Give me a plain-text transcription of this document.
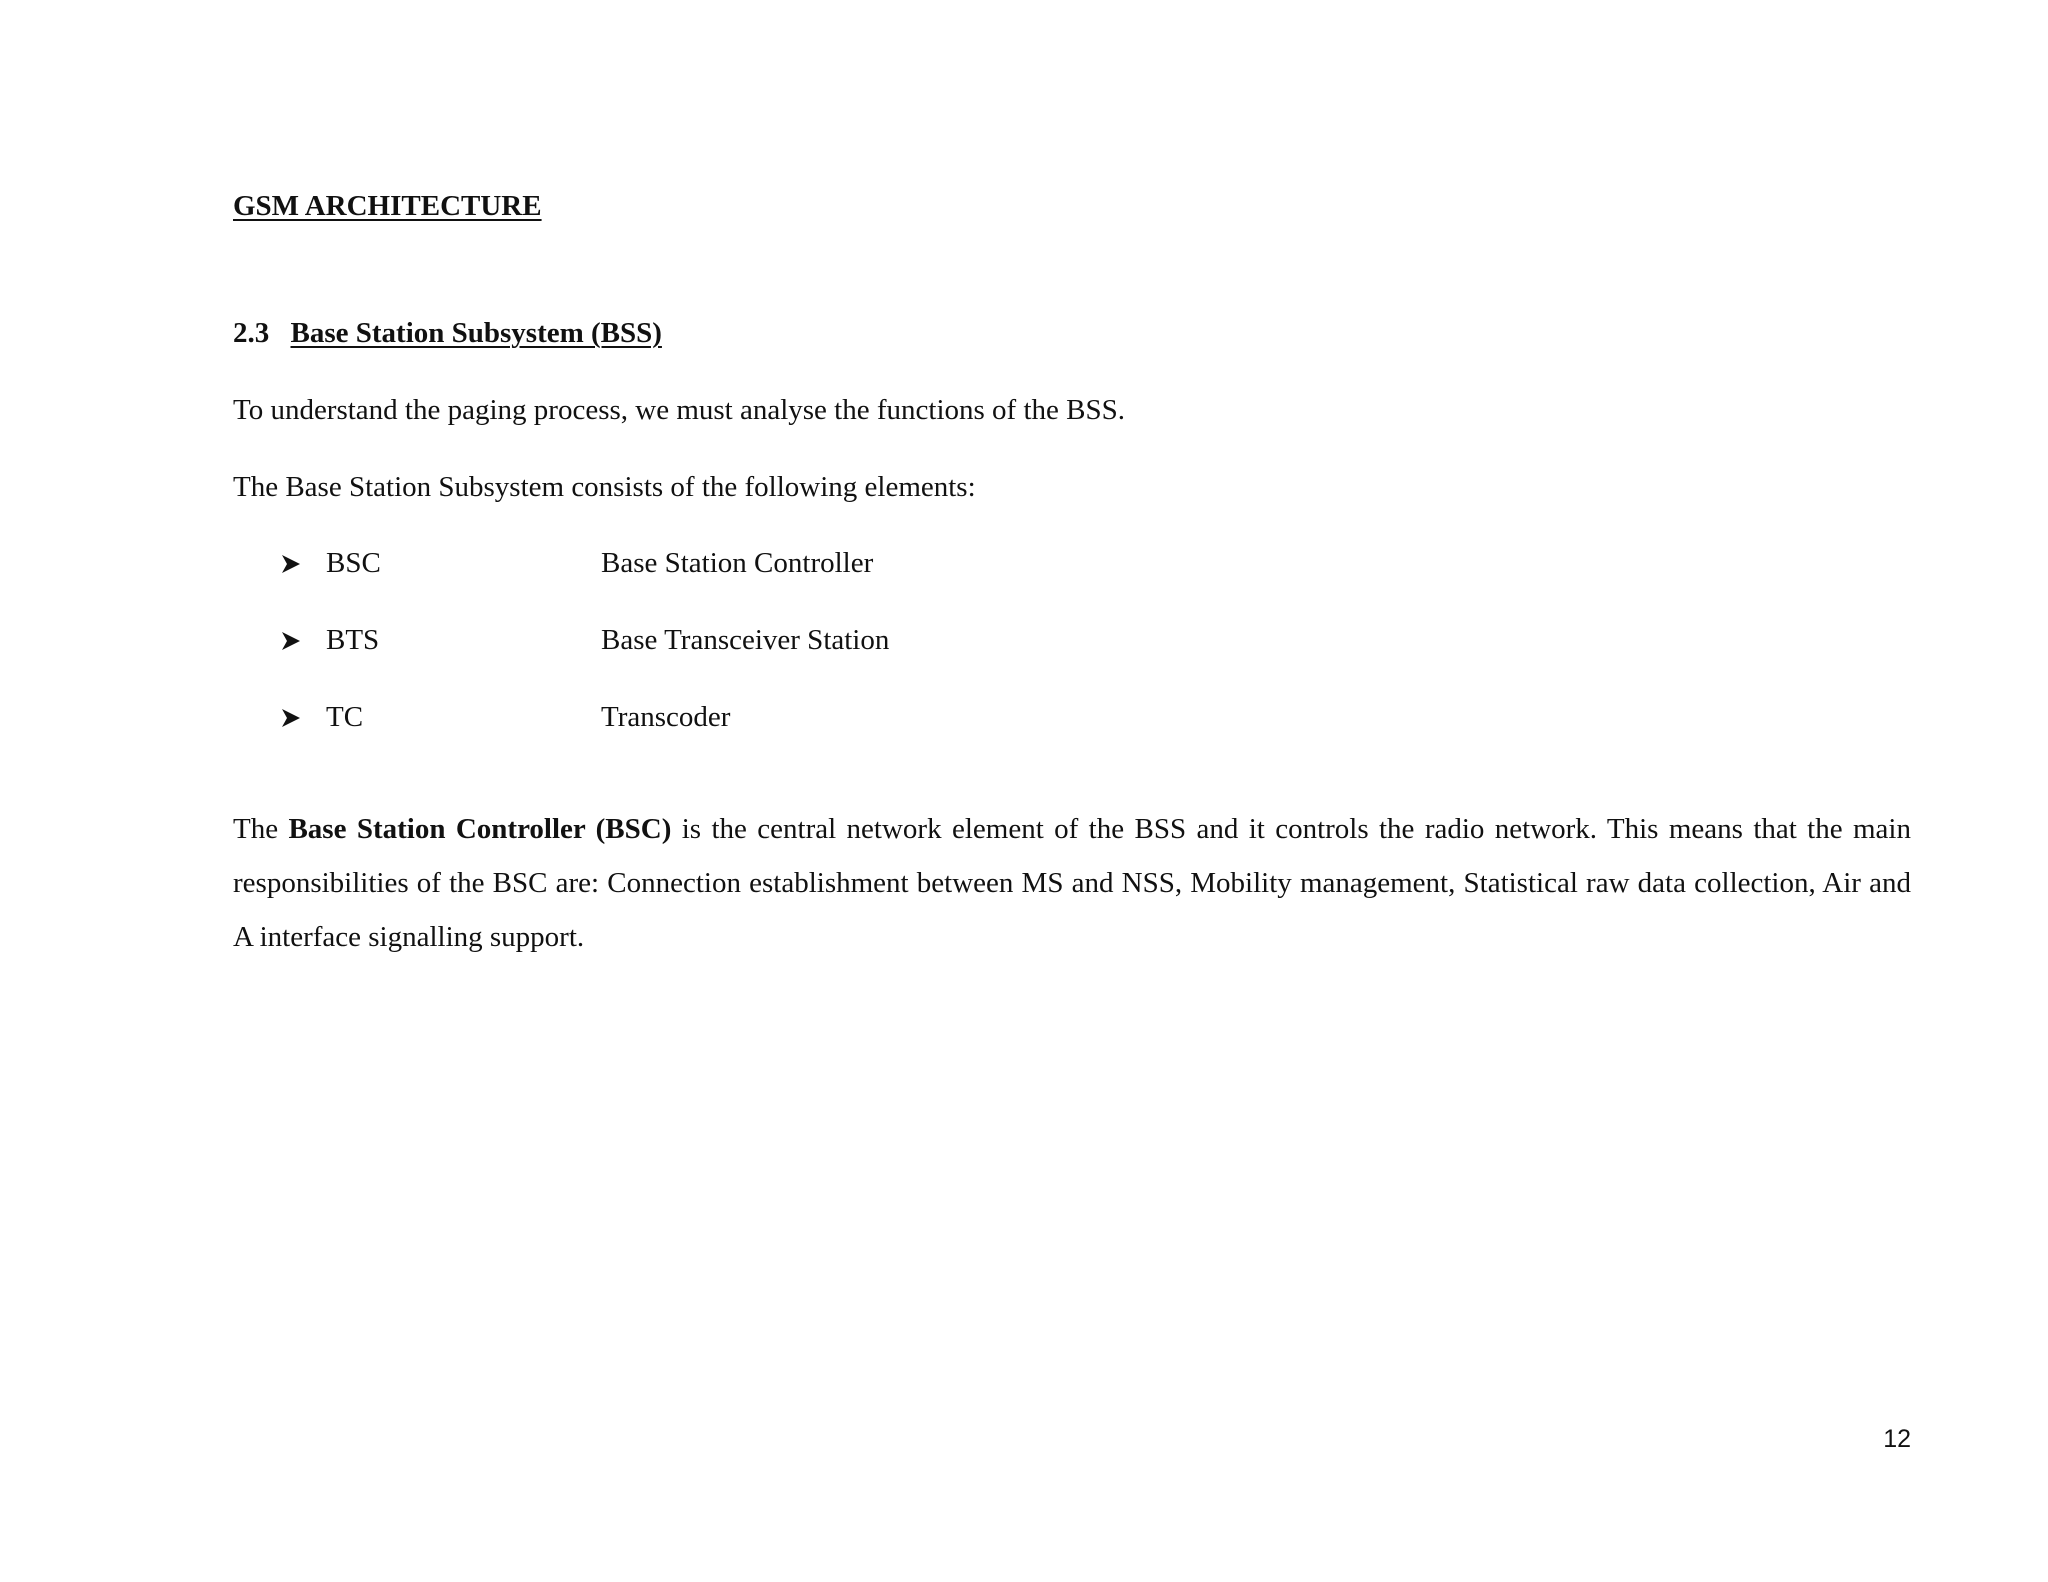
GSM ARCHITECTURE
2.3 Base Station Subsystem (BSS)
To understand the paging process, we must analyse the functions of the BSS.
The Base Station Subsystem consists of the following elements:
BSC	Base Station Controller
BTS	Base Transceiver Station
TC	Transcoder

The Base Station Controller (BSC) is the central network element of the BSS and it controls the radio network. This means that the main responsibilities of the BSC are: Connection establishment between MS and NSS, Mobility management, Statistical raw data collection, Air and A interface signalling support.

12
